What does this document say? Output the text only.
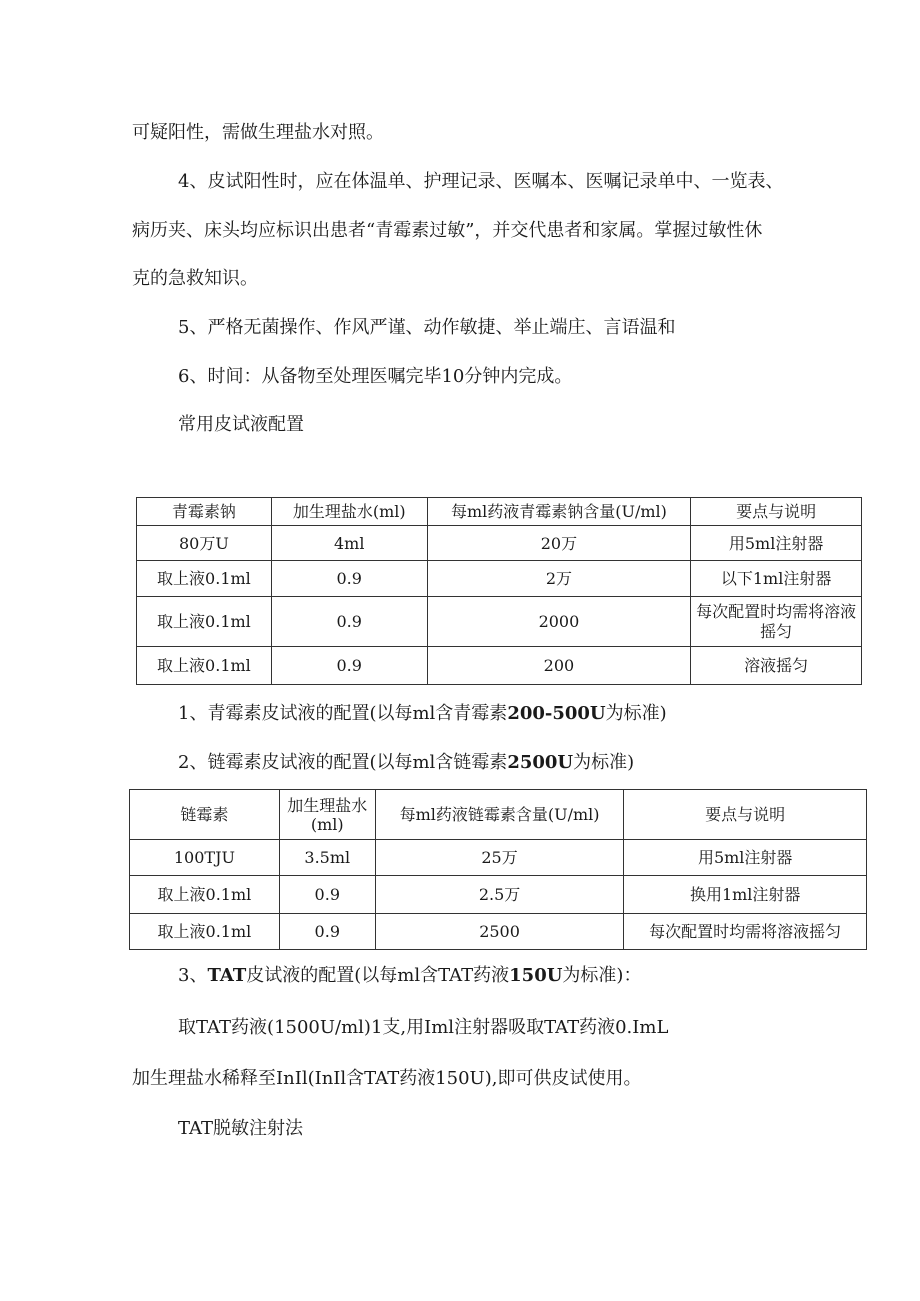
可疑阳性，需做生理盐水对照。

4、皮试阳性时，应在体温单、护理记录、医嘱本、医嘱记录单中、一览表、

病历夹、床头均应标识出患者“青霉素过敏”，并交代患者和家属。掌握过敏性休

克的急救知识。

5、严格无菌操作、作风严谨、动作敏捷、举止端庄、言语温和

6、时间：从备物至处理医嘱完毕10分钟内完成。

常用皮试液配置

青霉素钠	加生理盐水(ml)	每ml药液青霉素钠含量(U/ml)	要点与说明
80万U	4ml	20万	用5ml注射器
取上液0.1ml	0.9	2万	以下1ml注射器
取上液0.1ml	0.9	2000	每次配置时均需将溶液摇匀
取上液0.1ml	0.9	200	溶液摇匀

1、青霉素皮试液的配置(以每ml含青霉素200-500U为标准)

2、链霉素皮试液的配置(以每ml含链霉素2500U为标准)

链霉素	加生理盐水(ml)	每ml药液链霉素含量(U/ml)	要点与说明
100TJU	3.5ml	25万	用5ml注射器
取上液0.1ml	0.9	2.5万	换用1ml注射器
取上液0.1ml	0.9	2500	每次配置时均需将溶液摇匀

3、TAT皮试液的配置(以每ml含TAT药液150U为标准)：

取TAT药液(1500U/ml)1支,用Iml注射器吸取TAT药液0.ImL

加生理盐水稀释至InIl(InIl含TAT药液150U),即可供皮试使用。

TAT脱敏注射法
